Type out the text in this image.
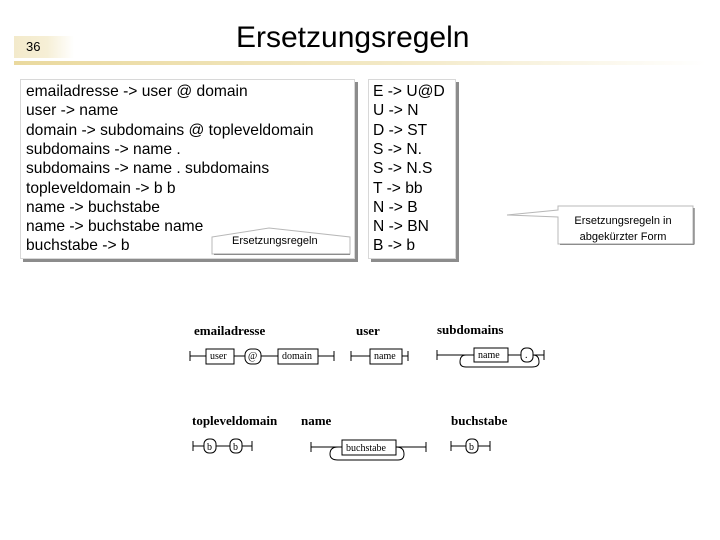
36	Ersetzungsregeln
emailadresse -> user @ domain
user -> name
domain -> subdomains @ topleveldomain
subdomains -> name .
subdomains -> name . subdomains
topleveldomain -> b b
name -> buchstabe
name -> buchstabe name
buchstabe -> b
E -> U@D
U -> N
D -> ST
S -> N.
S -> N.S
T -> bb
N -> B
N -> BN
B -> b
Ersetzungsregeln
Ersetzungsregeln in abgekürzter Form
emailadresse	user	subdomains
topleveldomain name	buchstabe
user @ domain	name	name	.
b b	buchstabe	b
